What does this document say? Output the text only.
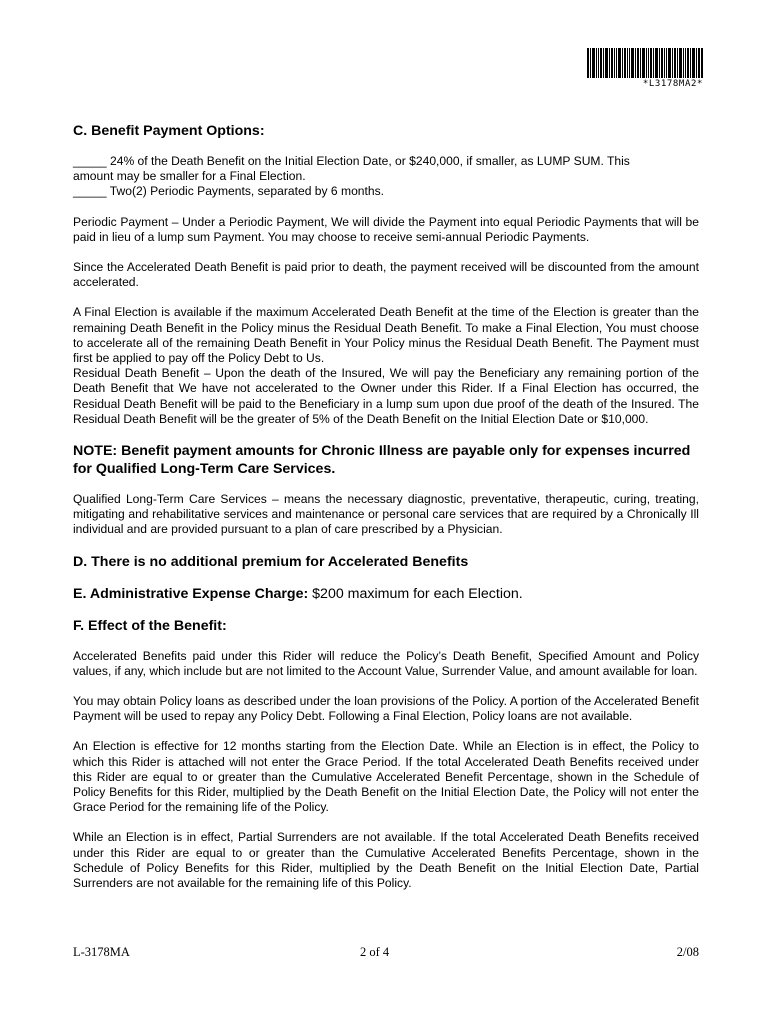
*L3178MA2*
C. Benefit Payment Options:
_____ 24% of the Death Benefit on the Initial Election Date, or $240,000, if smaller, as LUMP SUM. This
amount may be smaller for a Final Election.
_____ Two(2) Periodic Payments, separated by 6 months.
Periodic Payment – Under a Periodic Payment, We will divide the Payment into equal Periodic Payments that will be paid in lieu of a lump sum Payment. You may choose to receive semi-annual Periodic Payments.
Since the Accelerated Death Benefit is paid prior to death, the payment received will be discounted from the amount accelerated.
A Final Election is available if the maximum Accelerated Death Benefit at the time of the Election is greater than the remaining Death Benefit in the Policy minus the Residual Death Benefit. To make a Final Election, You must choose to accelerate all of the remaining Death Benefit in Your Policy minus the Residual Death Benefit. The Payment must first be applied to pay off the Policy Debt to Us.
Residual Death Benefit – Upon the death of the Insured, We will pay the Beneficiary any remaining portion of the Death Benefit that We have not accelerated to the Owner under this Rider. If a Final Election has occurred, the Residual Death Benefit will be paid to the Beneficiary in a lump sum upon due proof of the death of the Insured. The Residual Death Benefit will be the greater of 5% of the Death Benefit on the Initial Election Date or $10,000.
NOTE: Benefit payment amounts for Chronic Illness are payable only for expenses incurred for Qualified Long-Term Care Services.
Qualified Long-Term Care Services – means the necessary diagnostic, preventative, therapeutic, curing, treating, mitigating and rehabilitative services and maintenance or personal care services that are required by a Chronically Ill individual and are provided pursuant to a plan of care prescribed by a Physician.
D. There is no additional premium for Accelerated Benefits
E. Administrative Expense Charge: $200 maximum for each Election.
F. Effect of the Benefit:
Accelerated Benefits paid under this Rider will reduce the Policy’s Death Benefit, Specified Amount and Policy values, if any, which include but are not limited to the Account Value, Surrender Value, and amount available for loan.
You may obtain Policy loans as described under the loan provisions of the Policy. A portion of the Accelerated Benefit Payment will be used to repay any Policy Debt. Following a Final Election, Policy loans are not available.
An Election is effective for 12 months starting from the Election Date. While an Election is in effect, the Policy to which this Rider is attached will not enter the Grace Period. If the total Accelerated Death Benefits received under this Rider are equal to or greater than the Cumulative Accelerated Benefit Percentage, shown in the Schedule of Policy Benefits for this Rider, multiplied by the Death Benefit on the Initial Election Date, the Policy will not enter the Grace Period for the remaining life of the Policy.
While an Election is in effect, Partial Surrenders are not available. If the total Accelerated Death Benefits received under this Rider are equal to or greater than the Cumulative Accelerated Benefits Percentage, shown in the Schedule of Policy Benefits for this Rider, multiplied by the Death Benefit on the Initial Election Date, Partial Surrenders are not available for the remaining life of this Policy.
L-3178MA	2 of 4	2/08
